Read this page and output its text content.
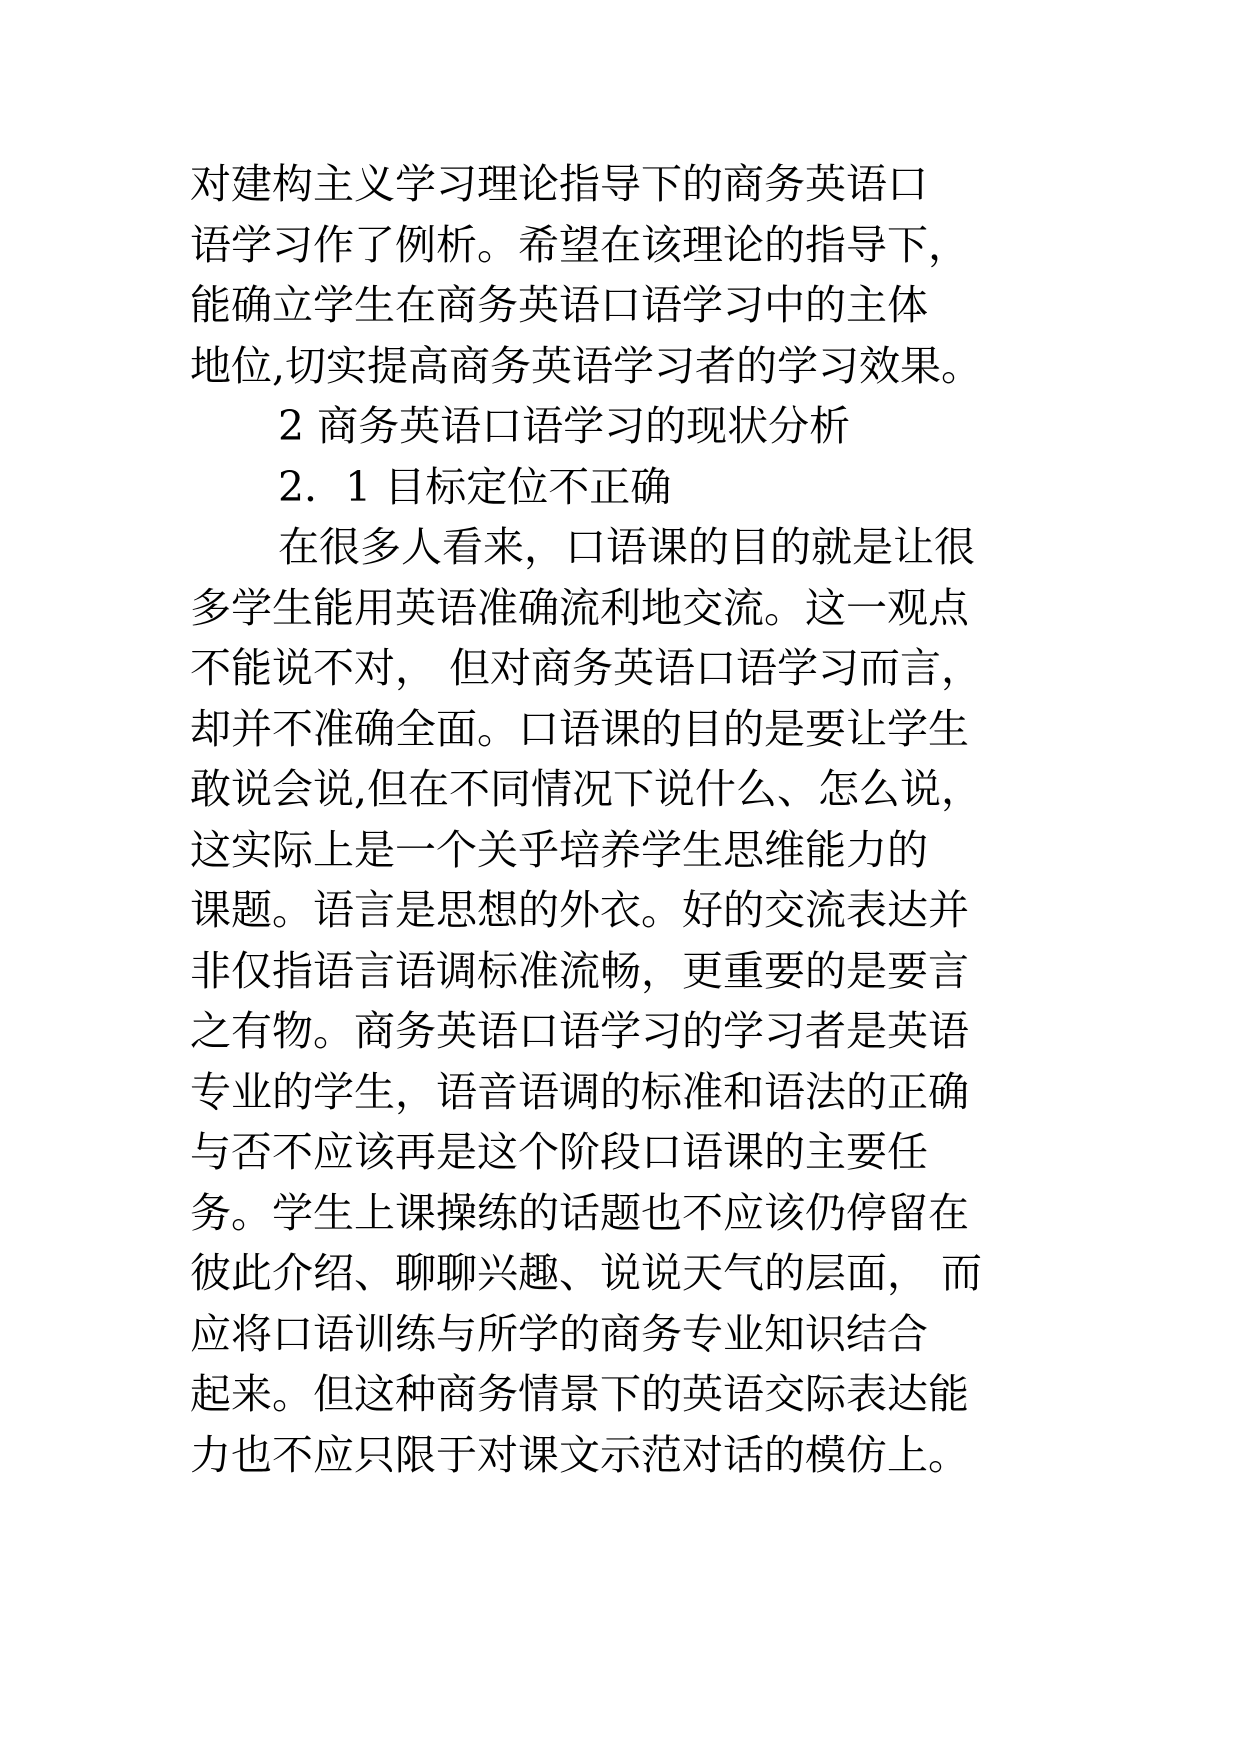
对建构主义学习理论指导下的商务英语口
语学习作了例析。希望在该理论的指导下，
能确立学生在商务英语口语学习中的主体
地位,切实提高商务英语学习者的学习效果。
2 商务英语口语学习的现状分析
2．1 目标定位不正确
在很多人看来，口语课的目的就是让很
多学生能用英语准确流利地交流。这一观点
不能说不对， 但对商务英语口语学习而言，
却并不准确全面。口语课的目的是要让学生
敢说会说,但在不同情况下说什么、怎么说，
这实际上是一个关乎培养学生思维能力的
课题。语言是思想的外衣。好的交流表达并
非仅指语言语调标准流畅，更重要的是要言
之有物。商务英语口语学习的学习者是英语
专业的学生，语音语调的标准和语法的正确
与否不应该再是这个阶段口语课的主要任
务。学生上课操练的话题也不应该仍停留在
彼此介绍、聊聊兴趣、说说天气的层面， 而
应将口语训练与所学的商务专业知识结合
起来。但这种商务情景下的英语交际表达能
力也不应只限于对课文示范对话的模仿上。
